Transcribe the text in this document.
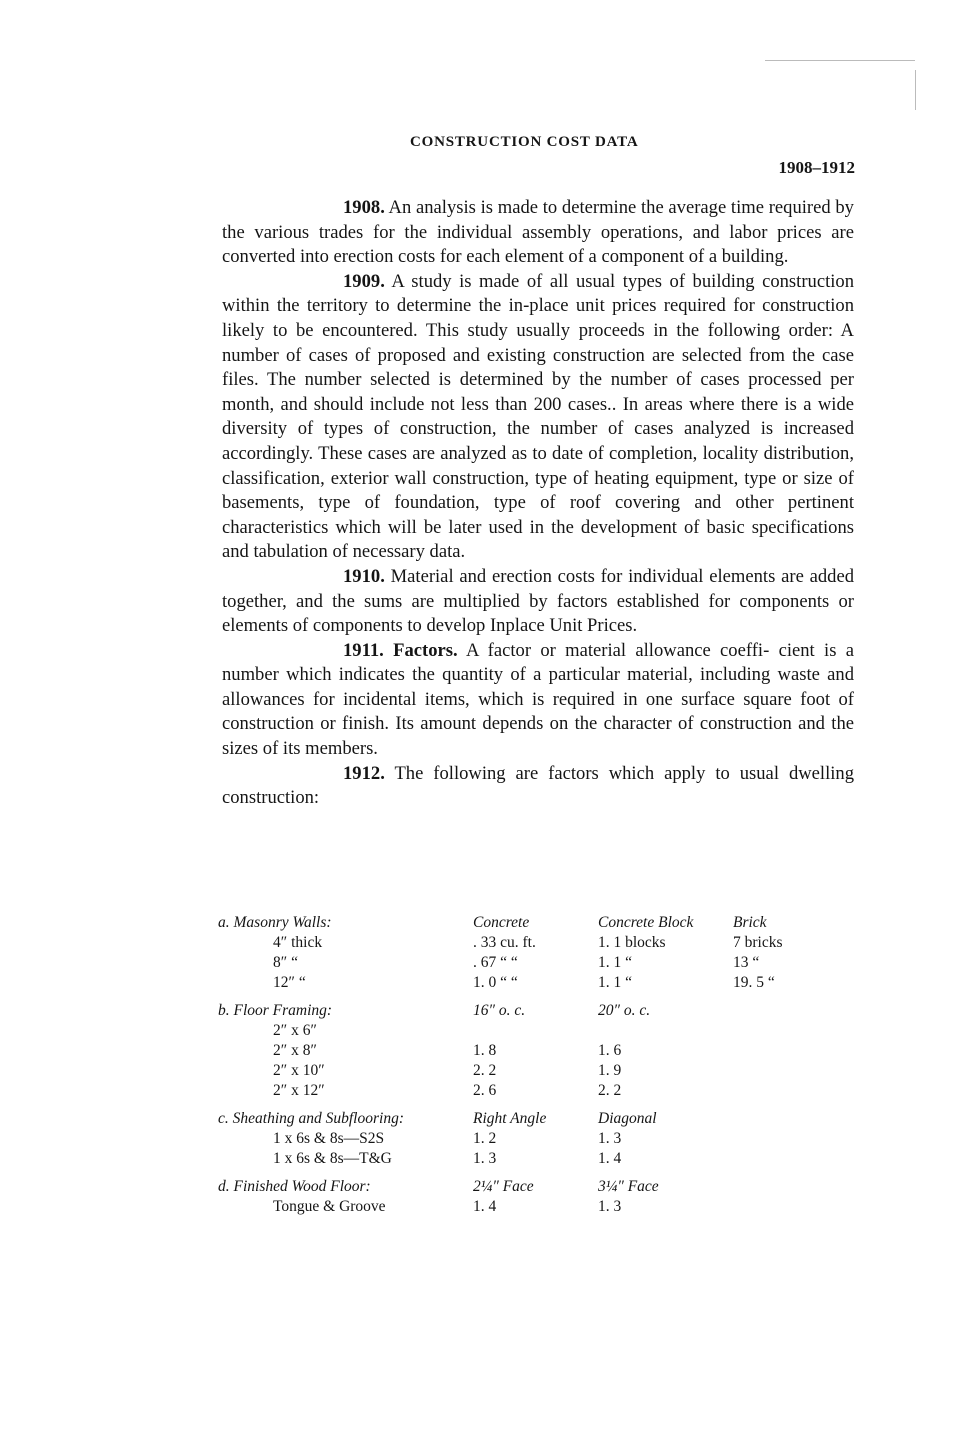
CONSTRUCTION COST DATA
1908–1912

1908. An analysis is made to determine the average time required by the various trades for the individual assembly operations, and labor prices are converted into erection costs for each element of a component of a building.

1909. A study is made of all usual types of building construction within the territory to determine the in-place unit prices required for construction likely to be encountered. This study usually proceeds in the following order: A number of cases of proposed and existing construction are selected from the case files. The number selected is determined by the number of cases processed per month, and should include not less than 200 cases.. In areas where there is a wide diversity of types of construction, the number of cases analyzed is increased accordingly. These cases are analyzed as to date of completion, locality distribution, classification, exterior wall construction, type of heating equipment, type or size of basements, type of foundation, type of roof covering and other pertinent characteristics which will be later used in the development of basic specifications and tabulation of necessary data.

1910. Material and erection costs for individual elements are added together, and the sums are multiplied by factors established for components or elements of components to develop Inplace Unit Prices.

1911. Factors. A factor or material allowance coeffi- cient is a number which indicates the quantity of a particular material, including waste and allowances for incidental items, which is required in one surface square foot of construction or finish. Its amount depends on the character of construction and the sizes of its members.

1912. The following are factors which apply to usual dwelling construction:

a. Masonry Walls:	Concrete	Concrete Block	Brick
4″ thick	. 33 cu. ft.	1. 1 blocks	7 bricks
8″ “	. 67 “ “	1. 1 “	13 “
12″ “	1. 0 “ “	1. 1 “	19. 5 “
b. Floor Framing:	16″ o. c.	20″ o. c.
2″ x 6″
2″ x 8″	1. 8	1. 6
2″ x 10″	2. 2	1. 9
2″ x 12″	2. 6	2. 2
c. Sheathing and Subflooring:	Right Angle	Diagonal
1 x 6s & 8s—S2S	1. 2	1. 3
1 x 6s & 8s—T&G	1. 3	1. 4
d. Finished Wood Floor:	2¼″ Face	3¼″ Face
Tongue & Groove	1. 4	1. 3
